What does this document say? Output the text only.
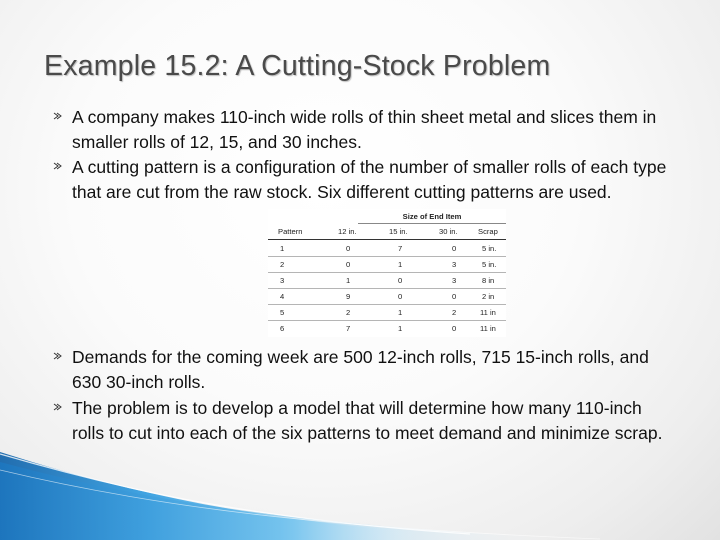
Example 15.2: A Cutting-Stock Problem
A company makes 110-inch wide rolls of thin sheet metal and slices them in smaller rolls of 12, 15, and 30 inches.
A cutting pattern is a configuration of the number of smaller rolls of each type that are cut from the raw stock. Six different cutting patterns are used.
Demands for the coming week are 500 12-inch rolls, 715 15-inch rolls, and 630 30-inch rolls.
The problem is to develop a model that will determine how many 110-inch rolls to cut into each of the six patterns to meet demand and minimize scrap.
Size of End Item
Pattern	12 in.	15 in.	30 in.	Scrap
1	0	7	0	5 in.
2	0	1	3	5 in.
3	1	0	3	8 in
4	9	0	0	2 in
5	2	1	2	11 in
6	7	1	0	11 in
